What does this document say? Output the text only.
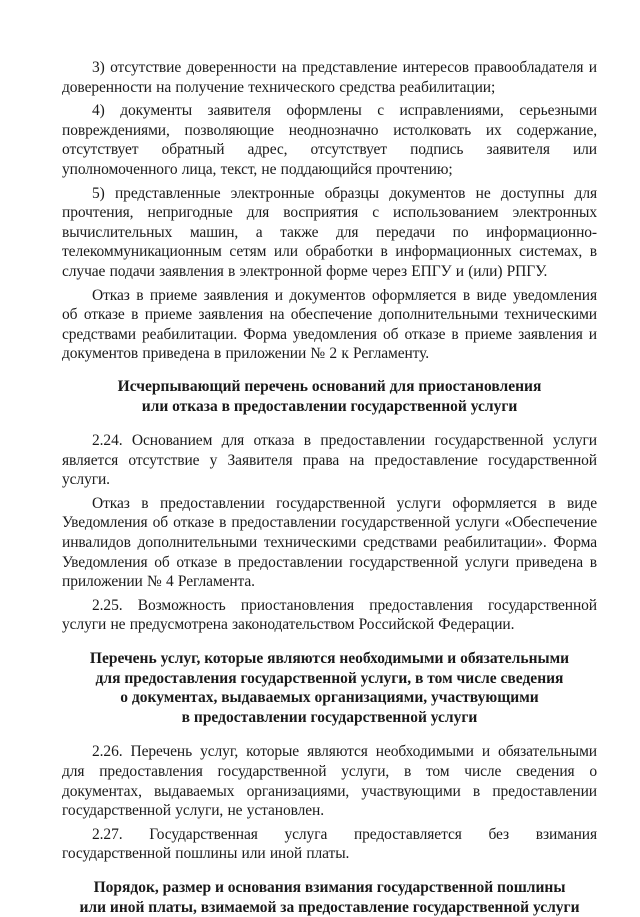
3) отсутствие доверенности на представление интересов правообладателя и доверенности на получение технического средства реабилитации;

4) документы заявителя оформлены с исправлениями, серьезными повреждениями, позволяющие неоднозначно истолковать их содержание, отсутствует обратный адрес, отсутствует подпись заявителя или уполномоченного лица, текст, не поддающийся прочтению;

5) представленные электронные образцы документов не доступны для прочтения, непригодные для восприятия с использованием электронных вычислительных машин, а также для передачи по информационно-телекоммуникационным сетям или обработки в информационных системах, в случае подачи заявления в электронной форме через ЕПГУ и (или) РПГУ.

Отказ в приеме заявления и документов оформляется в виде уведомления об отказе в приеме заявления на обеспечение дополнительными техническими средствами реабилитации. Форма уведомления об отказе в приеме заявления и документов приведена в приложении № 2 к Регламенту.

Исчерпывающий перечень оснований для приостановления
или отказа в предоставлении государственной услуги

2.24. Основанием для отказа в предоставлении государственной услуги является отсутствие у Заявителя права на предоставление государственной услуги.

Отказ в предоставлении государственной услуги оформляется в виде Уведомления об отказе в предоставлении государственной услуги «Обеспечение инвалидов дополнительными техническими средствами реабилитации». Форма Уведомления об отказе в предоставлении государственной услуги приведена в приложении № 4 Регламента.

2.25. Возможность приостановления предоставления государственной услуги не предусмотрена законодательством Российской Федерации.

Перечень услуг, которые являются необходимыми и обязательными
для предоставления государственной услуги, в том числе сведения
о документах, выдаваемых организациями, участвующими
в предоставлении государственной услуги

2.26. Перечень услуг, которые являются необходимыми и обязательными для предоставления государственной услуги, в том числе сведения о документах, выдаваемых организациями, участвующими в предоставлении государственной услуги, не установлен.

2.27. Государственная услуга предоставляется без взимания государственной пошлины или иной платы.

Порядок, размер и основания взимания государственной пошлины
или иной платы, взимаемой за предоставление государственной услуги
